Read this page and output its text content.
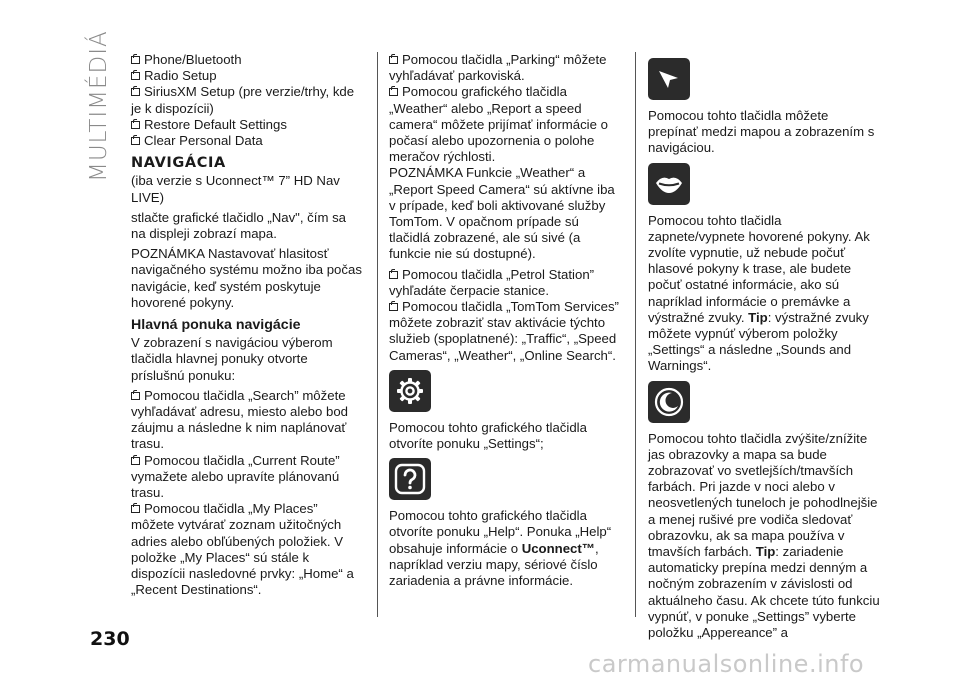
MULTIMÉDIÁ
230
carmanualsonline.info

Phone/Bluetooth

Radio Setup

SiriusXM Setup (pre verzie/trhy, kde je k dispozícii)

Restore Default Settings

Clear Personal Data

NAVIGÁCIA

(iba verzie s Uconnect™ 7” HD Nav LIVE)

stlačte grafické tlačidlo „Nav", čím sa na displeji zobrazí mapa.

POZNÁMKA Nastavovať hlasitosť navigačného systému možno iba počas navigácie, keď systém poskytuje hovorené pokyny.

Hlavná ponuka navigácie

V zobrazení s navigáciou výberom tlačidla hlavnej ponuky otvorte príslušnú ponuku:

Pomocou tlačidla „Search” môžete vyhľadávať adresu, miesto alebo bod záujmu a následne k nim naplánovať trasu.

Pomocou tlačidla „Current Route” vymažete alebo upravíte plánovanú trasu.

Pomocou tlačidla „My Places” môžete vytvárať zoznam užitočných adries alebo obľúbených položiek. V položke „My Places“ sú stále k dispozícii nasledovné prvky: „Home“ a „Recent Destinations“.

Pomocou tlačidla „Parking“ môžete vyhľadávať parkoviská.

Pomocou grafického tlačidla „Weather“ alebo „Report a speed camera“ môžete prijímať informácie o počasí alebo upozornenia o polohe meračov rýchlosti.

POZNÁMKA Funkcie „Weather“ a „Report Speed Camera“ sú aktívne iba v prípade, keď boli aktivované služby TomTom. V opačnom prípade sú tlačidlá zobrazené, ale sú sivé (a funkcie nie sú dostupné).

Pomocou tlačidla „Petrol Station” vyhľadáte čerpacie stanice.

Pomocou tlačidla „TomTom Services” môžete zobraziť stav aktivácie týchto služieb (spoplatnené): „Traffic“, „Speed Cameras“, „Weather“, „Online Search“.

Pomocou tohto grafického tlačidla otvoríte ponuku „Settings“;

Pomocou tohto grafického tlačidla otvoríte ponuku „Help“. Ponuka „Help“ obsahuje informácie o Uconnect™, napríklad verziu mapy, sériové číslo zariadenia a právne informácie.

Pomocou tohto tlačidla môžete prepínať medzi mapou a zobrazením s navigáciou.

Pomocou tohto tlačidla zapnete/vypnete hovorené pokyny. Ak zvolíte vypnutie, už nebude počuť hlasové pokyny k trase, ale budete počuť ostatné informácie, ako sú napríklad informácie o premávke a výstražné zvuky. Tip: výstražné zvuky môžete vypnúť výberom položky „Settings“ a následne „Sounds and Warnings“.

Pomocou tohto tlačidla zvýšite/znížite jas obrazovky a mapa sa bude zobrazovať vo svetlejších/tmavších farbách. Pri jazde v noci alebo v neosvetlených tuneloch je pohodlnejšie a menej rušivé pre vodiča sledovať obrazovku, ak sa mapa používa v tmavších farbách. Tip: zariadenie automaticky prepína medzi denným a nočným zobrazením v závislosti od aktuálneho času. Ak chcete túto funkciu vypnúť, v ponuke „Settings” vyberte položku „Appereance” a
